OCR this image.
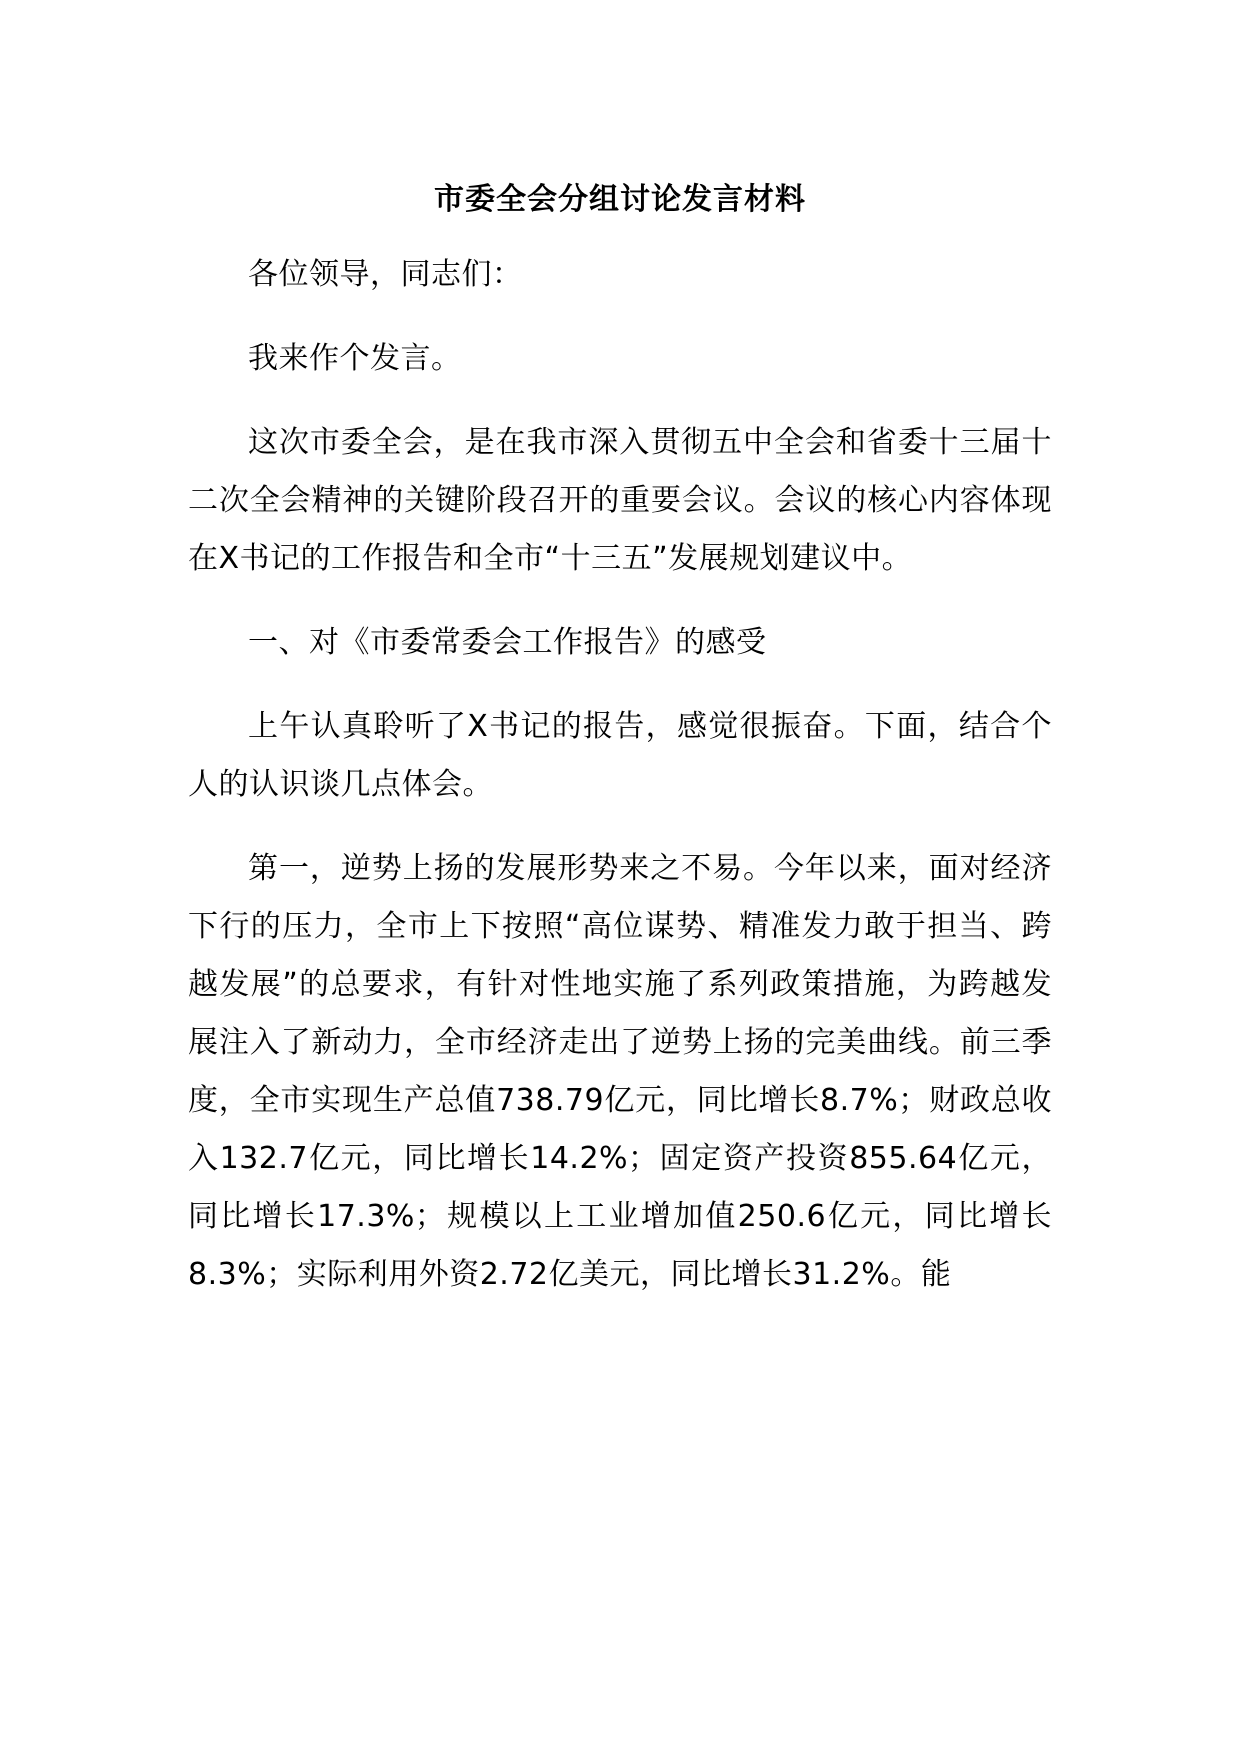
市委全会分组讨论发言材料

各位领导，同志们：

我来作个发言。

这次市委全会，是在我市深入贯彻五中全会和省委十三届十二次全会精神的关键阶段召开的重要会议。会议的核心内容体现在X书记的工作报告和全市“十三五”发展规划建议中。

一、对《市委常委会工作报告》的感受

上午认真聆听了X书记的报告，感觉很振奋。下面，结合个人的认识谈几点体会。

第一，逆势上扬的发展形势来之不易。今年以来，面对经济下行的压力，全市上下按照“高位谋势、精准发力敢于担当、跨越发展”的总要求，有针对性地实施了系列政策措施，为跨越发展注入了新动力，全市经济走出了逆势上扬的完美曲线。前三季度，全市实现生产总值738.79亿元，同比增长8.7%；财政总收入132.7亿元，同比增长14.2%；固定资产投资855.64亿元，同比增长17.3%；规模以上工业增加值250.6亿元，同比增长8.3%；实际利用外资2.72亿美元，同比增长31.2%。能
